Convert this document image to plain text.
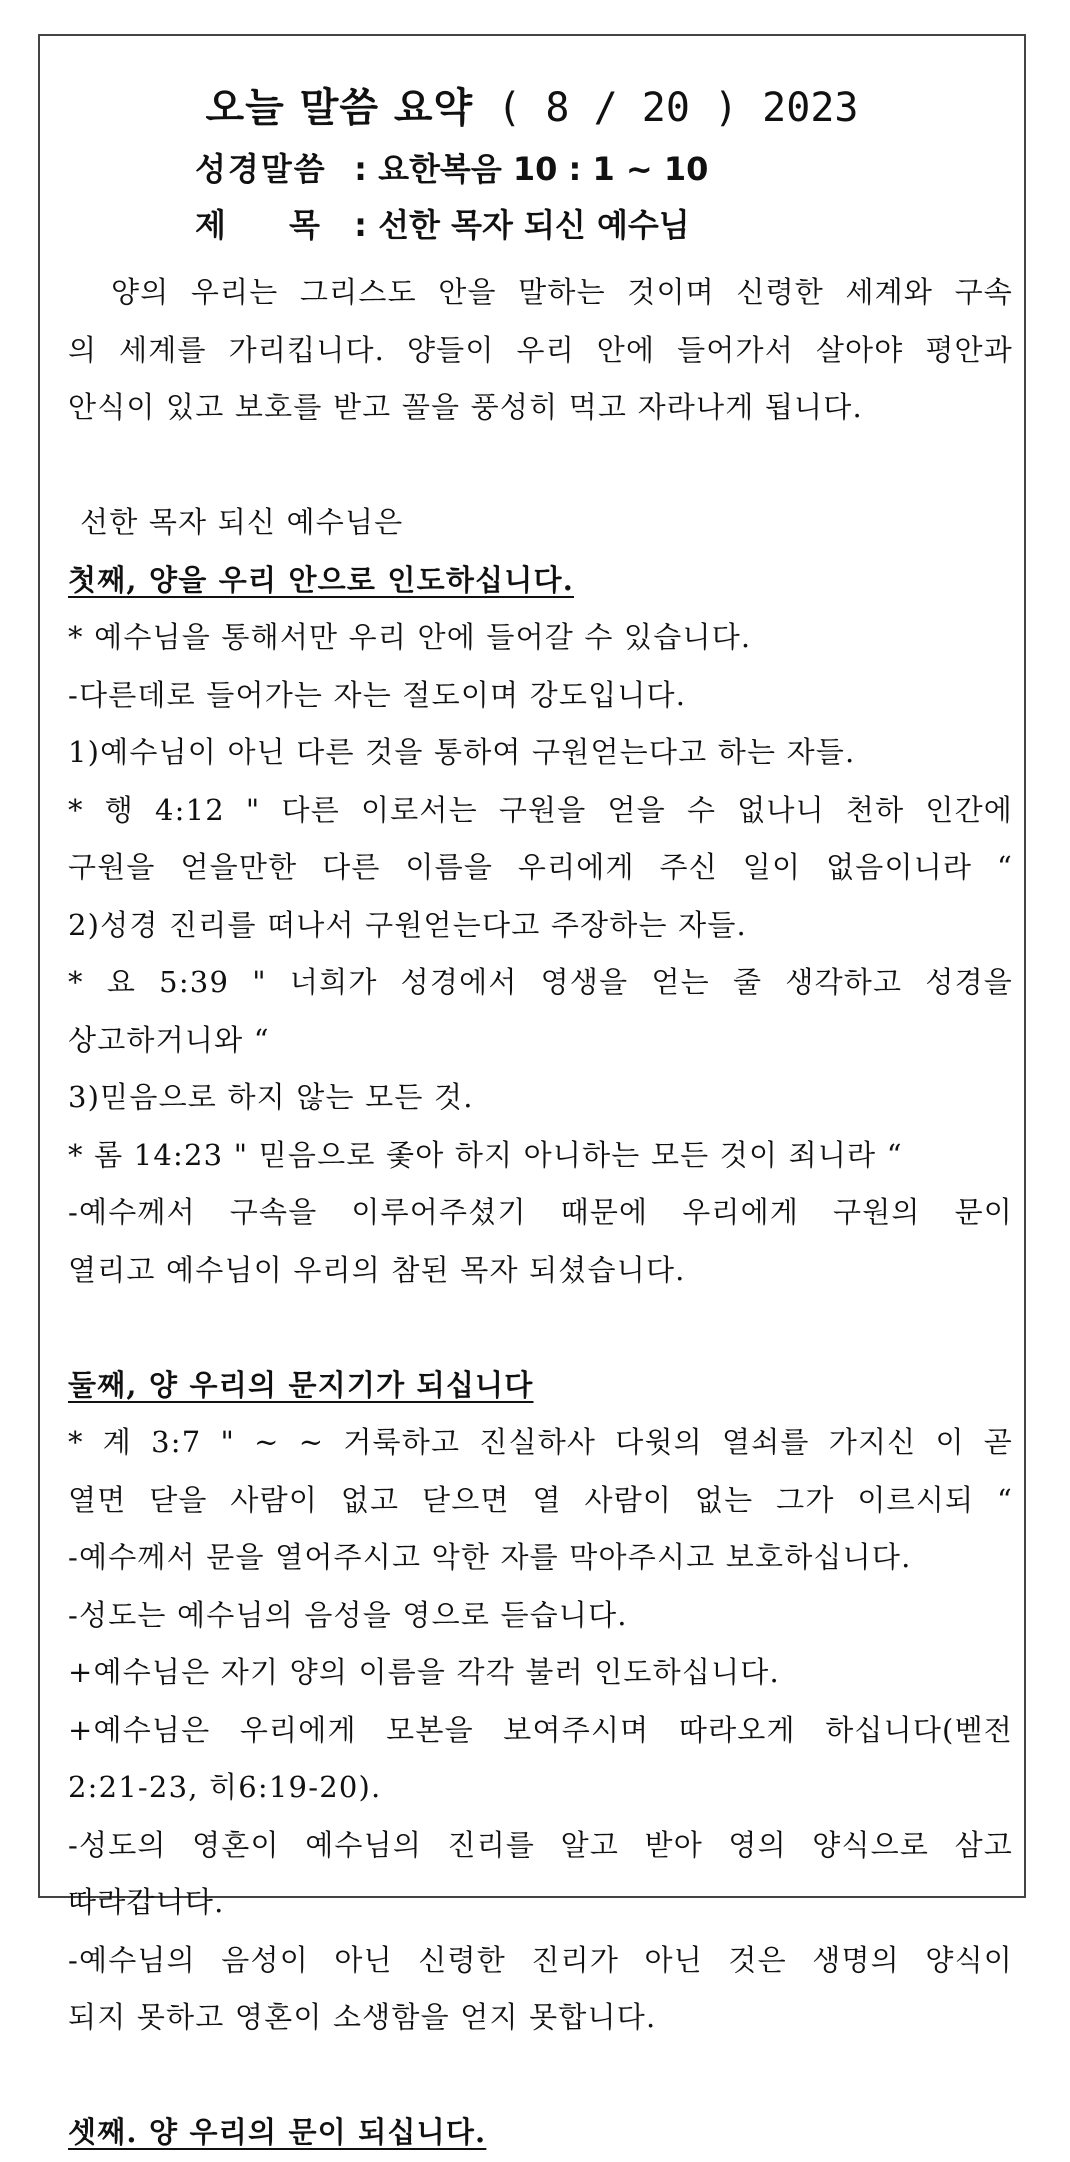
오늘 말씀 요약 ( 8 / 20 ) 2023
성경말씀 : 요한복음 10 : 1 ~ 10
제 목 : 선한 목자 되신 예수님
양의 우리는 그리스도 안을 말하는 것이며 신령한 세계와 구속
의 세계를 가리킵니다. 양들이 우리 안에 들어가서 살아야 평안과
안식이 있고 보호를 받고 꼴을 풍성히 먹고 자라나게 됩니다.
선한 목자 되신 예수님은
첫째, 양을 우리 안으로 인도하십니다.
* 예수님을 통해서만 우리 안에 들어갈 수 있습니다.
-다른데로 들어가는 자는 절도이며 강도입니다.
1)예수님이 아닌 다른 것을 통하여 구원얻는다고 하는 자들.
* 행 4:12 " 다른 이로서는 구원을 얻을 수 없나니 천하 인간에
구원을 얻을만한 다른 이름을 우리에게 주신 일이 없음이니라 “
2)성경 진리를 떠나서 구원얻는다고 주장하는 자들.
* 요 5:39 " 너희가 성경에서 영생을 얻는 줄 생각하고 성경을
상고하거니와 “
3)믿음으로 하지 않는 모든 것.
* 롬 14:23 " 믿음으로 좇아 하지 아니하는 모든 것이 죄니라 “
-예수께서 구속을 이루어주셨기 때문에 우리에게 구원의 문이
열리고 예수님이 우리의 참된 목자 되셨습니다.
둘째, 양 우리의 문지기가 되십니다
* 계 3:7 " ~ ~ 거룩하고 진실하사 다윗의 열쇠를 가지신 이 곧
열면 닫을 사람이 없고 닫으면 열 사람이 없는 그가 이르시되 “
-예수께서 문을 열어주시고 악한 자를 막아주시고 보호하십니다.
-성도는 예수님의 음성을 영으로 듣습니다.
+예수님은 자기 양의 이름을 각각 불러 인도하십니다.
+예수님은 우리에게 모본을 보여주시며 따라오게 하십니다(벧전
2:21-23, 히6:19-20).
-성도의 영혼이 예수님의 진리를 알고 받아 영의 양식으로 삼고
따라갑니다.
-예수님의 음성이 아닌 신령한 진리가 아닌 것은 생명의 양식이
되지 못하고 영혼이 소생함을 얻지 못합니다.
셋째. 양 우리의 문이 되십니다.
